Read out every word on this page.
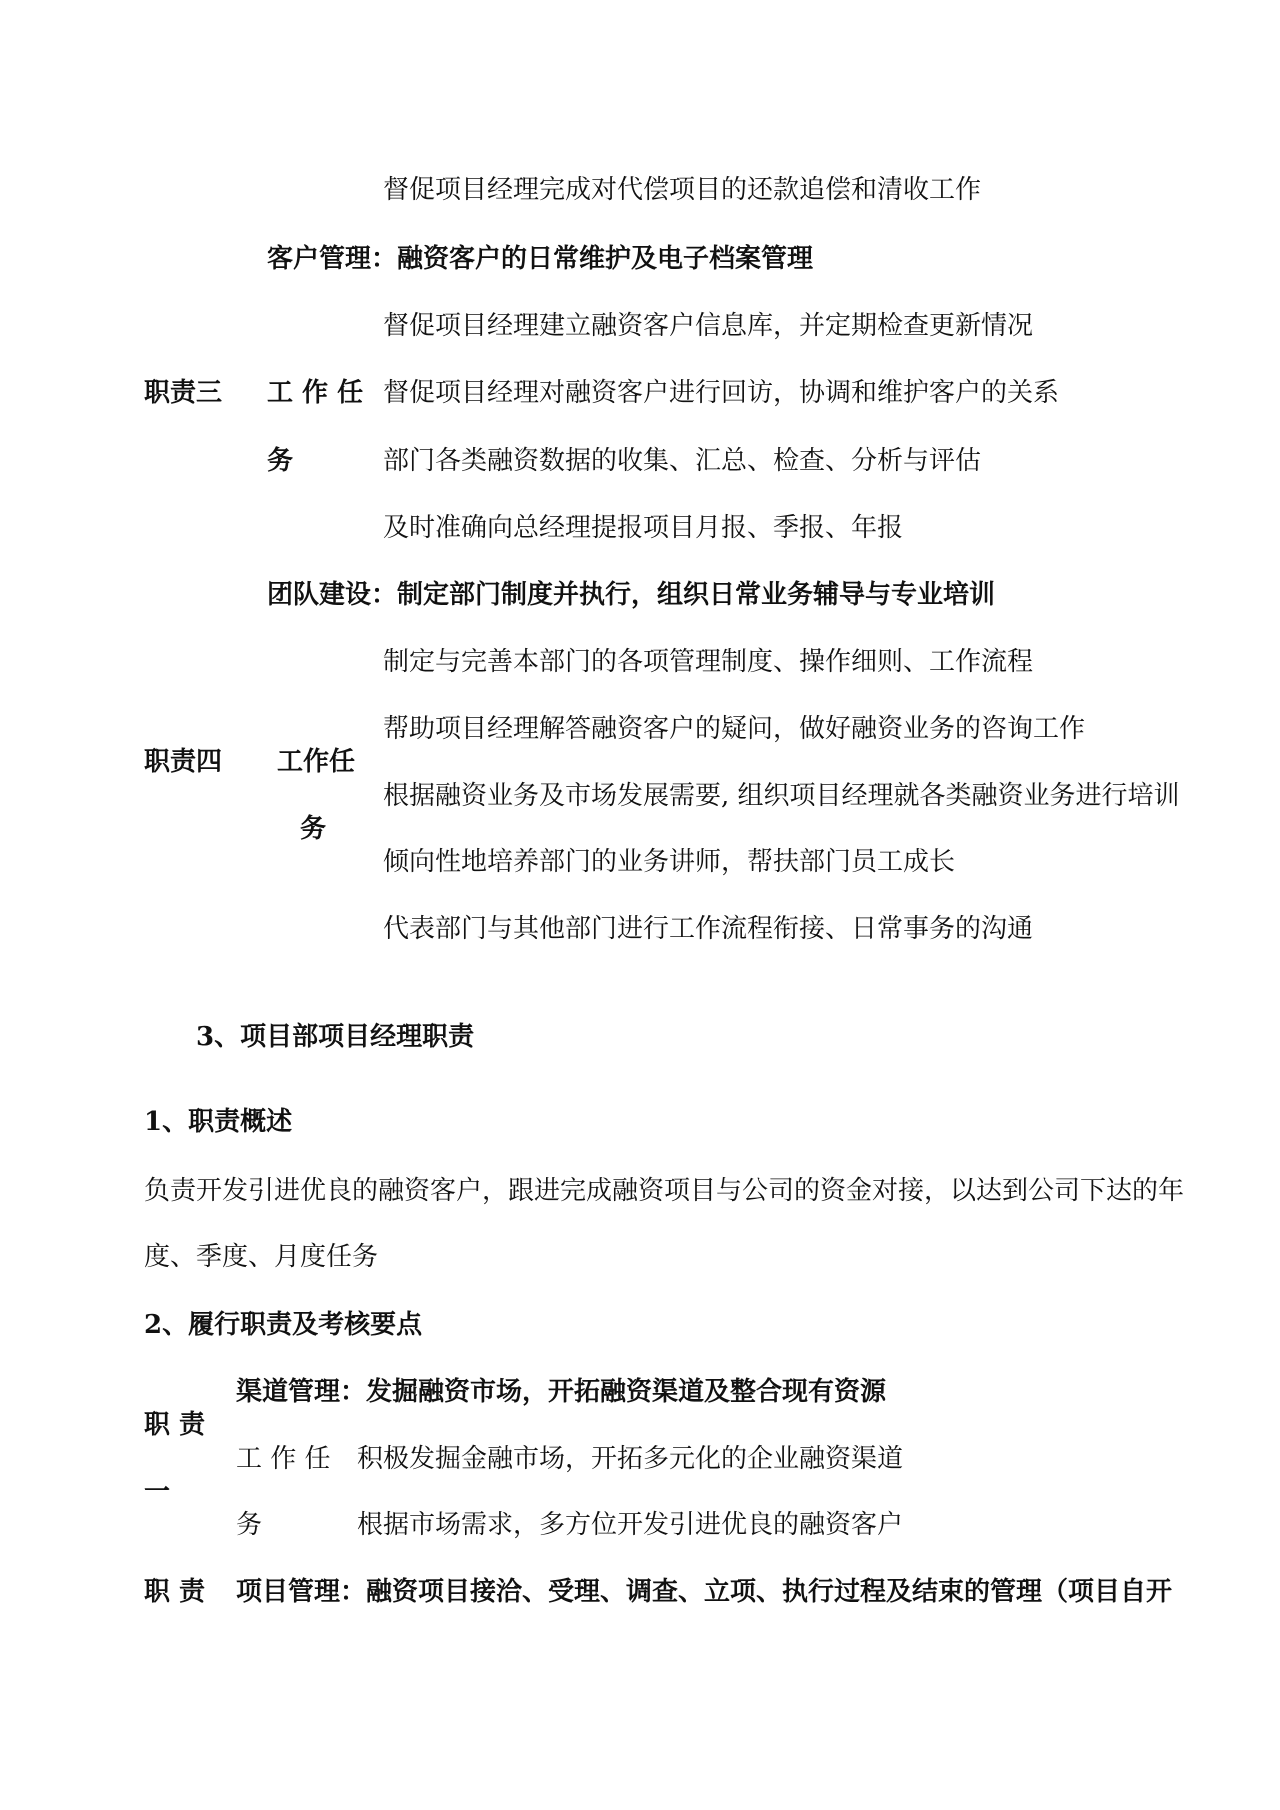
督促项目经理完成对代偿项目的还款追偿和清收工作
客户管理：融资客户的日常维护及电子档案管理
督促项目经理建立融资客户信息库，并定期检查更新情况
职责三 工 作 任 督促项目经理对融资客户进行回访，协调和维护客户的关系
务	部门各类融资数据的收集、汇总、检查、分析与评估
及时准确向总经理提报项目月报、季报、年报
团队建设：制定部门制度并执行，组织日常业务辅导与专业培训
制定与完善本部门的各项管理制度、操作细则、工作流程
帮助项目经理解答融资客户的疑问，做好融资业务的咨询工作
职责四 工作任
根据融资业务及市场发展需要, 组织项目经理就各类融资业务进行培训
务
倾向性地培养部门的业务讲师，帮扶部门员工成长
代表部门与其他部门进行工作流程衔接、日常事务的沟通
3、项目部项目经理职责
1、职责概述
负责开发引进优良的融资客户，跟进完成融资项目与公司的资金对接，以达到公司下达的年
度、季度、月度任务
2、履行职责及考核要点
渠道管理：发掘融资市场，开拓融资渠道及整合现有资源
职 责
工 作 任 积极发掘金融市场，开拓多元化的企业融资渠道
一
务	根据市场需求，多方位开发引进优良的融资客户
职 责 项目管理：融资项目接洽、受理、调查、立项、执行过程及结束的管理（项目自开
